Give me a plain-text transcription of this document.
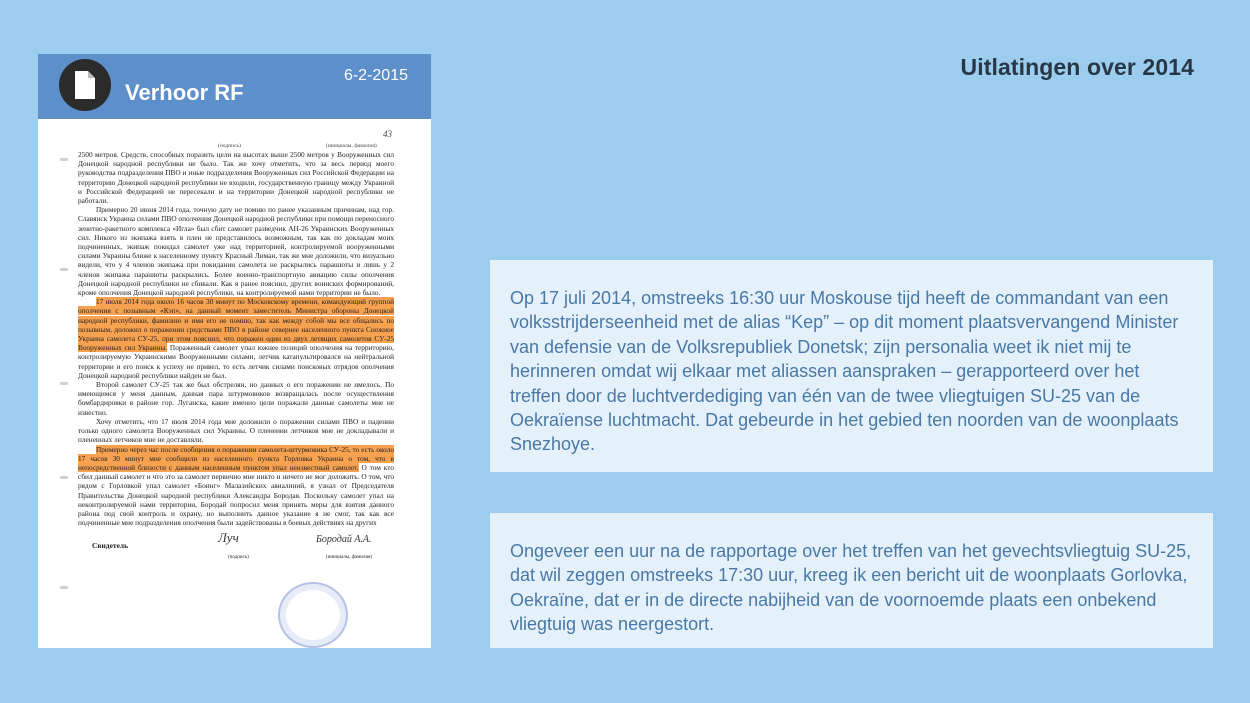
Uitlatingen over 2014
Verhoor RF
6-2-2015
(подпись)	(инициалы, фамилия)
43

2500 метров. Средств, способных поразить цели на высотах выше 2500 метров у Вооруженных сил Донецкой народной республики не было. Так же хочу отметить, что за весь период моего руководства подразделения ПВО и иные подразделения Вооруженных сил Российской Федерации на территорию Донецкой народной республики не входили, государственную границу между Украиной и Российской Федерацией не пересекали и на территории Донецкой народной республики не работали.

Примерно 20 июня 2014 года, точную дату не помню по ранее указанным причинам, над гор. Славянск Украина силами ПВО ополчения Донецкой народной республики при помощи переносного зенитно-ракетного комплекса «Игла» был сбит самолет разведчик АН-26 Украинских Вооруженных сил. Никого из экипажа взять в плен не представилось возможным, так как по докладам моих подчиненных, экипаж покидал самолет уже над территорией, контролируемой вооруженными силами Украины ближе к населенному пункту Красный Лиман, так же мне доложили, что визуально видели, что у 4 членов экипажа при покидании самолета не раскрылись парашюты и лишь у 2 членов экипажа парашюты раскрылись. Более военно-транспортную авиацию силы ополчения Донецкой народной республики не сбивали. Как я ранее пояснил, других воинских формирований, кроме ополчения Донецкой народной республики, на контролируемой нами территории не было.

17 июля 2014 года около 16 часов 30 минут по Московскому времени, командующий группой ополчения с позывным «Кэп», на данный момент заместитель Министра обороны Донецкой народной республики, фамилию и имя его не помню, так как между собой мы все общались по позывным, доложил о поражении средствами ПВО в районе севернее населенного пункта Снежное Украина самолета СУ-25, при этом пояснил, что поражен один из двух летящих самолетов СУ-25 Вооруженных сил Украины. Пораженный самолет упал южнее позиций ополчения на территорию, контролируемую Украинскими Вооруженными силами, летчик катапультировался на нейтральной территории и его поиск к успеху не привел, то есть летчик силами поисковых отрядов ополчения Донецкой народной республики найден не был.

Второй самолет СУ-25 так же был обстрелян, но данных о его поражении не имелось. По имеющимся у меня данным, данная пара штурмовиков возвращалась после осуществления бомбардировки в районе гор. Луганска, какие именно цели поражали данные самолеты мне не известно.

Хочу отметить, что 17 июля 2014 года мне доложили о поражении силами ПВО и падении только одного самолета Вооруженных сил Украины. О пленении летчиков мне не докладывали и плененных летчиков мне не доставляли.

Примерно через час после сообщения о поражении самолета-штурмовика СУ-25, то есть около 17 часов 30 минут мне сообщили из населенного пункта Горловка Украина о том, что в непосредственной близости с данным населенным пунктом упал неизвестный самолет. О том кто сбил данный самолет и что это за самолет первично мне никто и ничего не мог доложить. О том, что рядом с Горловкой упал самолет «Боинг» Малазийских авиалиний, я узнал от Председателя Правительства Донецкой народной республики Александра Бородая. Поскольку самолет упал на неконтролируемой нами территории, Бородай попросил меня принять меры для взятия данного района под свой контроль и охрану, но выполнить данное указание я не смог, так как все подчиненные мне подразделения ополчения были задействованы в боевых действиях на других

Свидетель
Луч	Бородай А.А.
(подпись)	(инициалы, фамилия)

Op 17 juli 2014, omstreeks 16:30 uur Moskouse tijd heeft de commandant van een volksstrijderseenheid met de alias “Kep” – op dit moment plaatsvervangend Minister van defensie van de Volksrepubliek Donetsk; zijn personalia weet ik niet mij te herinneren omdat wij elkaar met aliassen aanspraken – gerapporteerd over het treffen door de luchtverdediging van één van de twee vliegtuigen SU-25 van de Oekraïense luchtmacht. Dat gebeurde in het gebied ten noorden van de woonplaats Snezhoye.

Ongeveer een uur na de rapportage over het treffen van het gevechtsvliegtuig SU-25, dat wil zeggen omstreeks 17:30 uur, kreeg ik een bericht uit de woonplaats Gorlovka, Oekraïne, dat er in de directe nabijheid van de voornoemde plaats een onbekend vliegtuig was neergestort.
